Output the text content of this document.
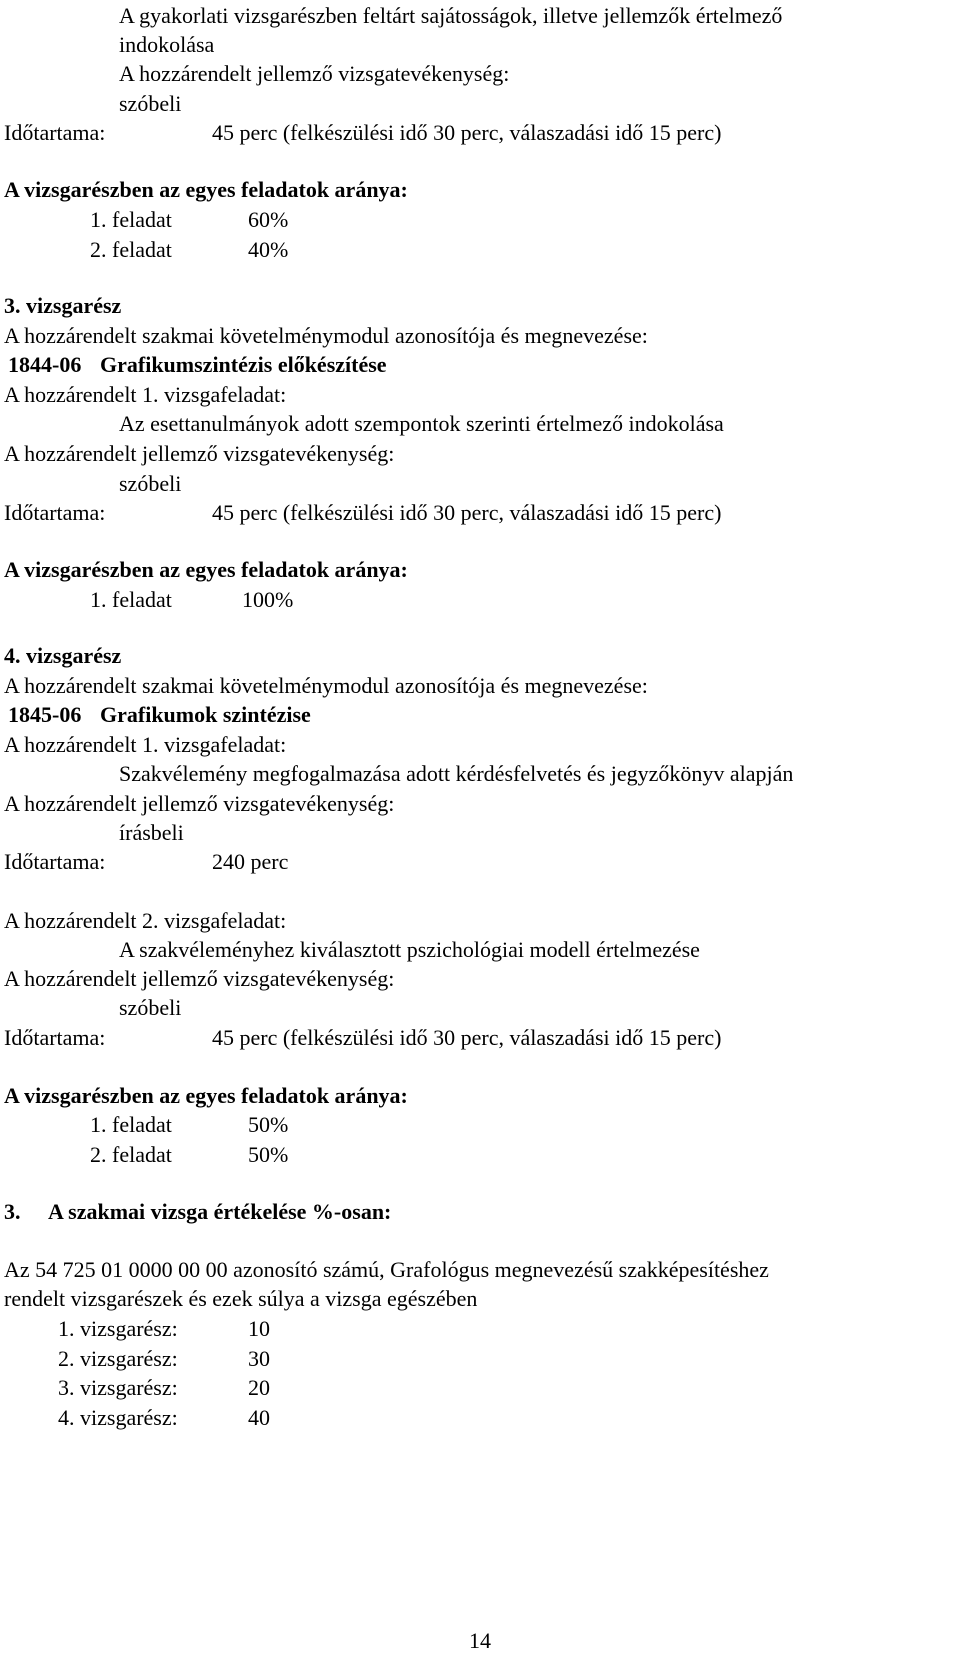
A gyakorlati vizsgarészben feltárt sajátosságok, illetve jellemzők értelmező
indokolása
A hozzárendelt jellemző vizsgatevékenység:
szóbeli
Időtartama:	45 perc (felkészülési idő 30 perc, válaszadási idő 15 perc)
A vizsgarészben az egyes feladatok aránya:
1. feladat	60%
2. feladat	40%
3. vizsgarész
A hozzárendelt szakmai követelménymodul azonosítója és megnevezése:
1844-06 Grafikumszintézis előkészítése
A hozzárendelt 1. vizsgafeladat:
Az esettanulmányok adott szempontok szerinti értelmező indokolása
A hozzárendelt jellemző vizsgatevékenység:
szóbeli
Időtartama:	45 perc (felkészülési idő 30 perc, válaszadási idő 15 perc)
A vizsgarészben az egyes feladatok aránya:
1. feladat	100%
4. vizsgarész
A hozzárendelt szakmai követelménymodul azonosítója és megnevezése:
1845-06 Grafikumok szintézise
A hozzárendelt 1. vizsgafeladat:
Szakvélemény megfogalmazása adott kérdésfelvetés és jegyzőkönyv alapján
A hozzárendelt jellemző vizsgatevékenység:
írásbeli
Időtartama:	240 perc
A hozzárendelt 2. vizsgafeladat:
A szakvéleményhez kiválasztott pszichológiai modell értelmezése
A hozzárendelt jellemző vizsgatevékenység:
szóbeli
Időtartama:	45 perc (felkészülési idő 30 perc, válaszadási idő 15 perc)
A vizsgarészben az egyes feladatok aránya:
1. feladat	50%
2. feladat	50%
3. A szakmai vizsga értékelése %-osan:
Az 54 725 01 0000 00 00 azonosító számú, Grafológus megnevezésű szakképesítéshez
rendelt vizsgarészek és ezek súlya a vizsga egészében
1. vizsgarész:	10
2. vizsgarész:	30
3. vizsgarész:	20
4. vizsgarész:	40
14
